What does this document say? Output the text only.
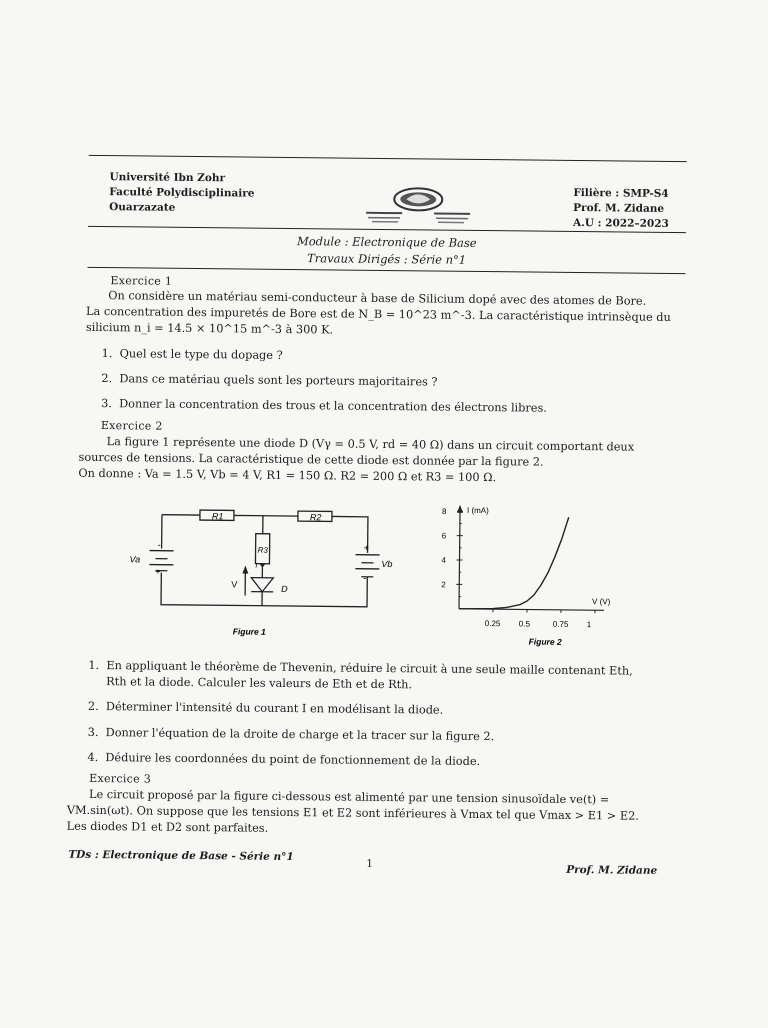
Université Ibn Zohr
Faculté Polydisciplinaire
Ouarzazate
Filière : SMP-S4
Prof. M. Zidane
A.U : 2022–2023
Module : Electronique de Base
Travaux Dirigés : Série n°1
Exercice 1
On considère un matériau semi-conducteur à base de Silicium dopé avec des atomes de Bore.
La concentration des impuretés de Bore est de N_B = 10^23 m^-3. La caractéristique intrinsèque du
silicium n_i = 14.5 × 10^15 m^-3 à 300 K.
1. Quel est le type du dopage ?
2. Dans ce matériau quels sont les porteurs majoritaires ?
3. Donner la concentration des trous et la concentration des électrons libres.
Exercice 2
La figure 1 représente une diode D (Vγ = 0.5 V, rd = 40 Ω) dans un circuit comportant deux
sources de tensions. La caractéristique de cette diode est donnée par la figure 2.
On donne : Va = 1.5 V, Vb = 4 V, R1 = 150 Ω. R2 = 200 Ω et R3 = 100 Ω.
R1	R2
R3
I
Va	Vb
V	D
-
+
+
-
Figure 1
8
6
4
2
0.25 0.5	0.75 1
I (mA)
V (V)
Figure 2
1. En appliquant le théorème de Thevenin, réduire le circuit à une seule maille contenant Eth,
Rth et la diode. Calculer les valeurs de Eth et de Rth.
2. Déterminer l'intensité du courant I en modélisant la diode.
3. Donner l'équation de la droite de charge et la tracer sur la figure 2.
4. Déduire les coordonnées du point de fonctionnement de la diode.
Exercice 3
Le circuit proposé par la figure ci-dessous est alimenté par une tension sinusoïdale ve(t) =
VM.sin(ωt). On suppose que les tensions E1 et E2 sont inférieures à Vmax tel que Vmax > E1 > E2.
Les diodes D1 et D2 sont parfaites.
TDs : Electronique de Base - Série n°1
1
Prof. M. Zidane
